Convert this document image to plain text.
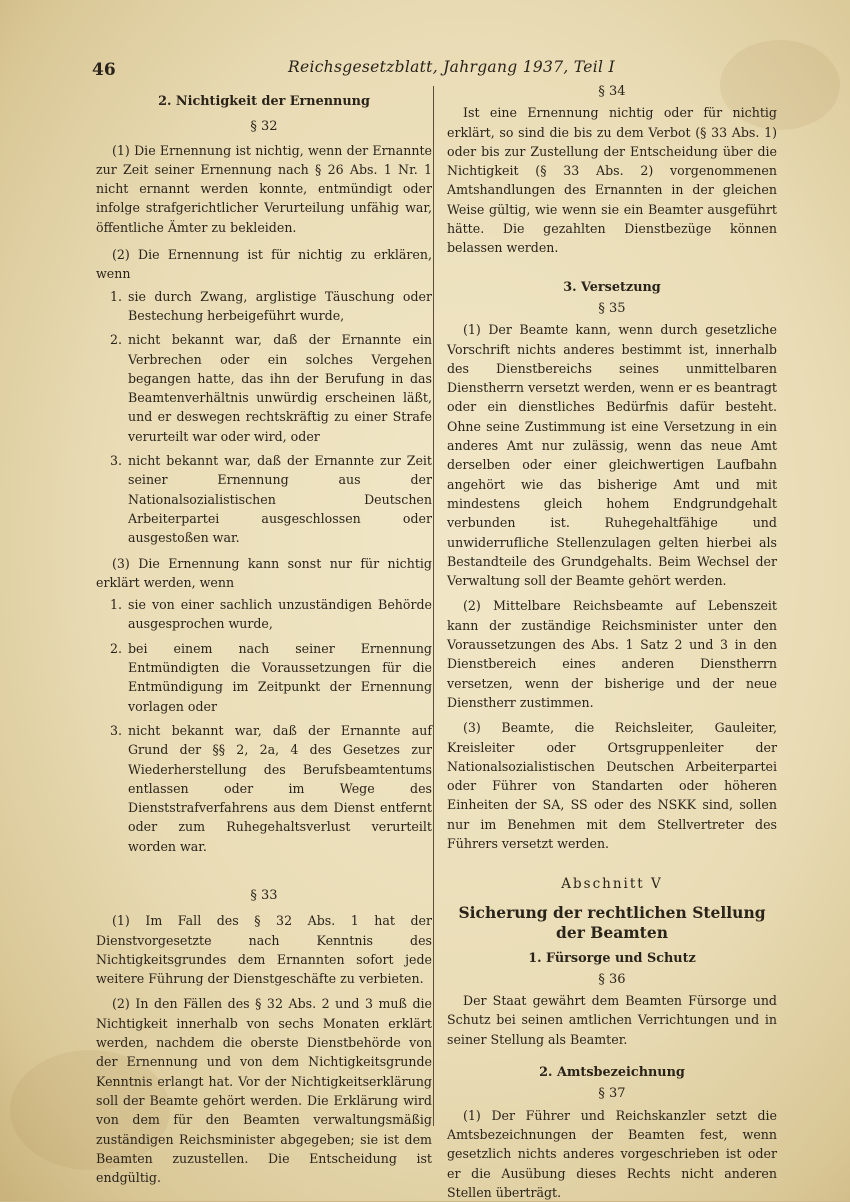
46	Reichsgesetzblatt, Jahrgang 1937, Teil I

2. Nichtigkeit der Ernennung

§ 32

(1) Die Ernennung ist nichtig, wenn der Ernannte zur Zeit seiner Ernennung nach § 26 Abs. 1 Nr. 1 nicht ernannt werden konnte, entmündigt oder infolge strafgerichtlicher Verurteilung unfähig war, öffentliche Ämter zu bekleiden.

(2) Die Ernennung ist für nichtig zu erklären, wenn

1. sie durch Zwang, arglistige Täuschung oder Bestechung herbeigeführt wurde,
2. nicht bekannt war, daß der Ernannte ein Verbrechen oder ein solches Vergehen begangen hatte, das ihn der Berufung in das Beamtenverhältnis unwürdig erscheinen läßt, und er deswegen rechtskräftig zu einer Strafe verurteilt war oder wird, oder
3. nicht bekannt war, daß der Ernannte zur Zeit seiner Ernennung aus der Nationalsozialistischen Deutschen Arbeiterpartei ausgeschlossen oder ausgestoßen war.

(3) Die Ernennung kann sonst nur für nichtig erklärt werden, wenn

1. sie von einer sachlich unzuständigen Behörde ausgesprochen wurde,
2. bei einem nach seiner Ernennung Entmündigten die Voraussetzungen für die Entmündigung im Zeitpunkt der Ernennung vorlagen oder
3. nicht bekannt war, daß der Ernannte auf Grund der §§ 2, 2a, 4 des Gesetzes zur Wiederherstellung des Berufsbeamtentums entlassen oder im Wege des Dienststrafverfahrens aus dem Dienst entfernt oder zum Ruhegehaltsverlust verurteilt worden war.

§ 33

(1) Im Fall des § 32 Abs. 1 hat der Dienstvorgesetzte nach Kenntnis des Nichtigkeitsgrundes dem Ernannten sofort jede weitere Führung der Dienstgeschäfte zu verbieten.

(2) In den Fällen des § 32 Abs. 2 und 3 muß die Nichtigkeit innerhalb von sechs Monaten erklärt werden, nachdem die oberste Dienstbehörde von der Ernennung und von dem Nichtigkeitsgrunde Kenntnis erlangt hat. Vor der Nichtigkeitserklärung soll der Beamte gehört werden. Die Erklärung wird von dem für den Beamten verwaltungsmäßig zuständigen Reichsminister abgegeben; sie ist dem Beamten zuzustellen. Die Entscheidung ist endgültig.

§ 34

Ist eine Ernennung nichtig oder für nichtig erklärt, so sind die bis zu dem Verbot (§ 33 Abs. 1) oder bis zur Zustellung der Entscheidung über die Nichtigkeit (§ 33 Abs. 2) vorgenommenen Amtshandlungen des Ernannten in der gleichen Weise gültig, wie wenn sie ein Beamter ausgeführt hätte. Die gezahlten Dienstbezüge können belassen werden.

3. Versetzung

§ 35

(1) Der Beamte kann, wenn durch gesetzliche Vorschrift nichts anderes bestimmt ist, innerhalb des Dienstbereichs seines unmittelbaren Dienstherrn versetzt werden, wenn er es beantragt oder ein dienstliches Bedürfnis dafür besteht. Ohne seine Zustimmung ist eine Versetzung in ein anderes Amt nur zulässig, wenn das neue Amt derselben oder einer gleichwertigen Laufbahn angehört wie das bisherige Amt und mit mindestens gleich hohem Endgrundgehalt verbunden ist. Ruhegehaltfähige und unwiderrufliche Stellenzulagen gelten hierbei als Bestandteile des Grundgehalts. Beim Wechsel der Verwaltung soll der Beamte gehört werden.

(2) Mittelbare Reichsbeamte auf Lebenszeit kann der zuständige Reichsminister unter den Voraussetzungen des Abs. 1 Satz 2 und 3 in den Dienstbereich eines anderen Dienstherrn versetzen, wenn der bisherige und der neue Dienstherr zustimmen.

(3) Beamte, die Reichsleiter, Gauleiter, Kreisleiter oder Ortsgruppenleiter der Nationalsozialistischen Deutschen Arbeiterpartei oder Führer von Standarten oder höheren Einheiten der SA, SS oder des NSKK sind, sollen nur im Benehmen mit dem Stellvertreter des Führers versetzt werden.

Abschnitt V

Sicherung der rechtlichen Stellung

der Beamten

1. Fürsorge und Schutz

§ 36

Der Staat gewährt dem Beamten Fürsorge und Schutz bei seinen amtlichen Verrichtungen und in seiner Stellung als Beamter.

2. Amtsbezeichnung

§ 37

(1) Der Führer und Reichskanzler setzt die Amtsbezeichnungen der Beamten fest, wenn gesetzlich nichts anderes vorgeschrieben ist oder er die Ausübung dieses Rechts nicht anderen Stellen überträgt.
